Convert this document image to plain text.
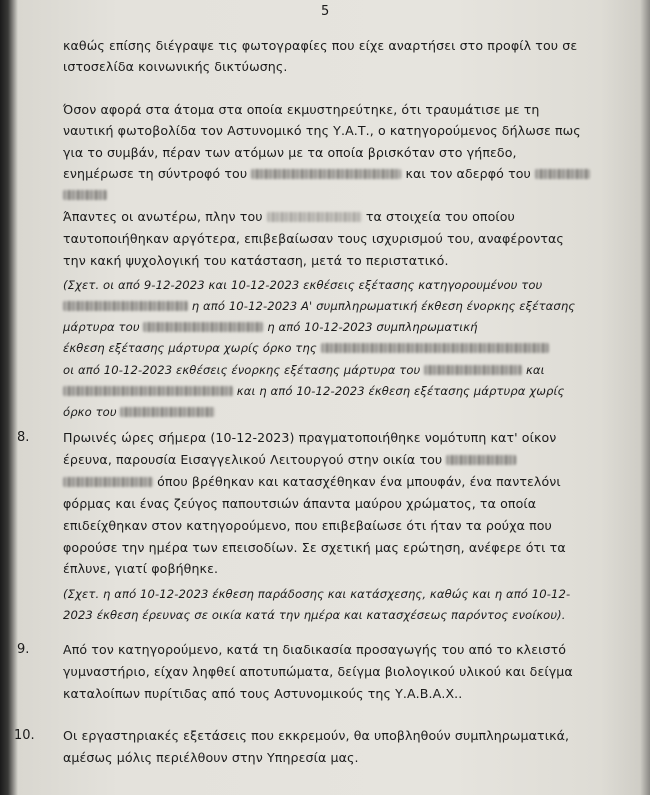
5
καθώς επίσης διέγραψε τις φωτογραφίες που είχε αναρτήσει στο προφίλ του σε
ιστοσελίδα κοινωνικής δικτύωσης.
Όσον αφορά στα άτομα στα οποία εκμυστηρεύτηκε, ότι τραυμάτισε με τη
ναυτική φωτοβολίδα τον Αστυνομικό της Υ.Α.Τ., ο κατηγορούμενος δήλωσε πως
για το συμβάν, πέραν των ατόμων με τα οποία βρισκόταν στο γήπεδο,
ενημέρωσε τη σύντροφό του	και τον αδερφό του
Άπαντες οι ανωτέρω, πλην του	τα στοιχεία του οποίου
ταυτοποιήθηκαν αργότερα, επιβεβαίωσαν τους ισχυρισμού του, αναφέροντας
την κακή ψυχολογική του κατάσταση, μετά το περιστατικό.
(Σχετ. οι από 9-12-2023 και 10-12-2023 εκθέσεις εξέτασης κατηγορουμένου του
η από 10-12-2023 Α' συμπληρωματική έκθεση ένορκης εξέτασης
μάρτυρα του	η από 10-12-2023 συμπληρωματική
έκθεση εξέτασης μάρτυρα χωρίς όρκο της
οι από 10-12-2023 εκθέσεις ένορκης εξέτασης μάρτυρα του	και
και η από 10-12-2023 έκθεση εξέτασης μάρτυρα χωρίς
όρκο του
8.	Πρωινές ώρες σήμερα (10-12-2023) πραγματοποιήθηκε νομότυπη κατ' οίκον
έρευνα, παρουσία Εισαγγελικού Λειτουργού στην οικία του
όπου βρέθηκαν και κατασχέθηκαν ένα μπουφάν, ένα παντελόνι
φόρμας και ένας ζεύγος παπουτσιών άπαντα μαύρου χρώματος, τα οποία
επιδείχθηκαν στον κατηγορούμενο, που επιβεβαίωσε ότι ήταν τα ρούχα που
φορούσε την ημέρα των επεισοδίων. Σε σχετική μας ερώτηση, ανέφερε ότι τα
έπλυνε, γιατί φοβήθηκε.
(Σχετ. η από 10-12-2023 έκθεση παράδοσης και κατάσχεσης, καθώς και η από 10-12-
2023 έκθεση έρευνας σε οικία κατά την ημέρα και κατασχέσεως παρόντος ενοίκου).
9.	Από τον κατηγορούμενο, κατά τη διαδικασία προσαγωγής του από το κλειστό
γυμναστήριο, είχαν ληφθεί αποτυπώματα, δείγμα βιολογικού υλικού και δείγμα
καταλοίπων πυρίτιδας από τους Αστυνομικούς της Υ.Α.Β.Α.Χ..
10. Οι εργαστηριακές εξετάσεις που εκκρεμούν, θα υποβληθούν συμπληρωματικά,
αμέσως μόλις περιέλθουν στην Υπηρεσία μας.
